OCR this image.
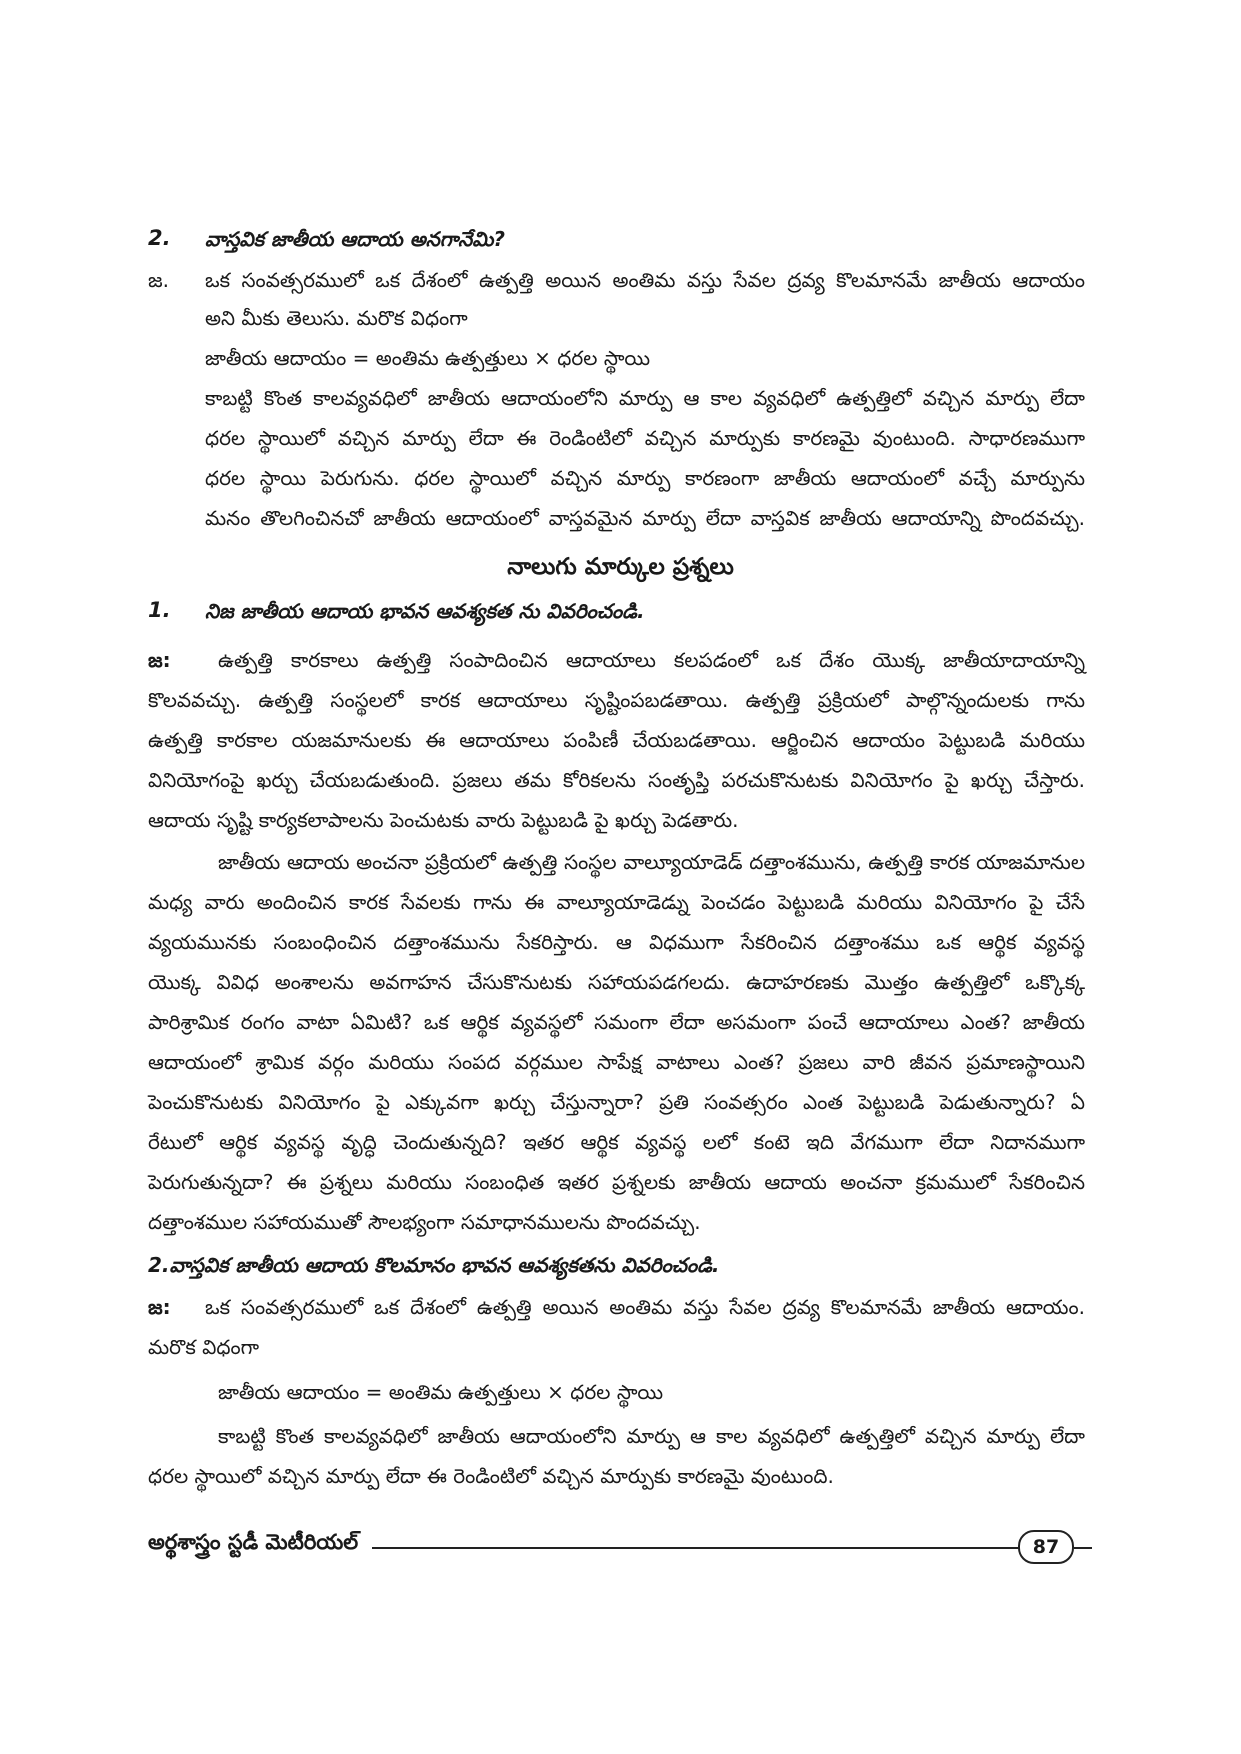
2. వాస్తవిక జాతీయ ఆదాయ అనగానేమి?
జ. ఒక సంవత్సరములో ఒక దేశంలో ఉత్పత్తి అయిన అంతిమ వస్తు సేవల ద్రవ్య కొలమానమే జాతీయ ఆదాయం
అని మీకు తెలుసు. మరొక విధంగా
జాతీయ ఆదాయం = అంతిమ ఉత్పత్తులు × ధరల స్థాయి
కాబట్టి కొంత కాలవ్యవధిలో జాతీయ ఆదాయంలోని మార్పు ఆ కాల వ్యవధిలో ఉత్పత్తిలో వచ్చిన మార్పు లేదా
ధరల స్థాయిలో వచ్చిన మార్పు లేదా ఈ రెండింటిలో వచ్చిన మార్పుకు కారణమై వుంటుంది. సాధారణముగా
ధరల స్థాయి పెరుగును. ధరల స్థాయిలో వచ్చిన మార్పు కారణంగా జాతీయ ఆదాయంలో వచ్చే మార్పును
మనం తొలగించినచో జాతీయ ఆదాయంలో వాస్తవమైన మార్పు లేదా వాస్తవిక జాతీయ ఆదాయాన్ని పొందవచ్చు.
నాలుగు మార్కుల ప్రశ్నలు
1. నిజ జాతీయ ఆదాయ భావన ఆవశ్యకత ను వివరించండి.
జ: ఉత్పత్తి కారకాలు ఉత్పత్తి సంపాదించిన ఆదాయాలు కలపడంలో ఒక దేశం యొక్క జాతీయాదాయాన్ని
కొలవవచ్చు. ఉత్పత్తి సంస్థలలో కారక ఆదాయాలు సృష్టింపబడతాయి. ఉత్పత్తి ప్రక్రియలో పాల్గొన్నందులకు గాను
ఉత్పత్తి కారకాల యజమానులకు ఈ ఆదాయాలు పంపిణీ చేయబడతాయి. ఆర్జించిన ఆదాయం పెట్టుబడి మరియు
వినియోగంపై ఖర్చు చేయబడుతుంది. ప్రజలు తమ కోరికలను సంతృప్తి పరచుకొనుటకు వినియోగం పై ఖర్చు చేస్తారు.
ఆదాయ సృష్టి కార్యకలాపాలను పెంచుటకు వారు పెట్టుబడి పై ఖర్చు పెడతారు.
జాతీయ ఆదాయ అంచనా ప్రక్రియలో ఉత్పత్తి సంస్థల వాల్యూయాడెడ్ దత్తాంశమును, ఉత్పత్తి కారక యాజమానుల
మధ్య వారు అందించిన కారక సేవలకు గాను ఈ వాల్యూయాడెడ్ను పెంచడం పెట్టుబడి మరియు వినియోగం పై చేసే
వ్యయమునకు సంబంధించిన దత్తాంశమును సేకరిస్తారు. ఆ విధముగా సేకరించిన దత్తాంశము ఒక ఆర్థిక వ్యవస్థ
యొక్క వివిధ అంశాలను అవగాహన చేసుకొనుటకు సహాయపడగలదు. ఉదాహరణకు మొత్తం ఉత్పత్తిలో ఒక్కొక్క
పారిశ్రామిక రంగం వాటా ఏమిటి? ఒక ఆర్థిక వ్యవస్థలో సమంగా లేదా అసమంగా పంచే ఆదాయాలు ఎంత? జాతీయ
ఆదాయంలో శ్రామిక వర్గం మరియు సంపద వర్గముల సాపేక్ష వాటాలు ఎంత? ప్రజలు వారి జీవన ప్రమాణస్థాయిని
పెంచుకొనుటకు వినియోగం పై ఎక్కువగా ఖర్చు చేస్తున్నారా? ప్రతి సంవత్సరం ఎంత పెట్టుబడి పెడుతున్నారు? ఏ
రేటులో ఆర్థిక వ్యవస్థ వృద్ధి చెందుతున్నది? ఇతర ఆర్థిక వ్యవస్థ లలో కంటె ఇది వేగముగా లేదా నిదానముగా
పెరుగుతున్నదా? ఈ ప్రశ్నలు మరియు సంబంధిత ఇతర ప్రశ్నలకు జాతీయ ఆదాయ అంచనా క్రమములో సేకరించిన
దత్తాంశముల సహాయముతో సౌలభ్యంగా సమాధానములను పొందవచ్చు.
2.వాస్తవిక జాతీయ ఆదాయ కొలమానం భావన ఆవశ్యకతను వివరించండి.
జ: ఒక సంవత్సరములో ఒక దేశంలో ఉత్పత్తి అయిన అంతిమ వస్తు సేవల ద్రవ్య కొలమానమే జాతీయ ఆదాయం.
మరొక విధంగా
జాతీయ ఆదాయం = అంతిమ ఉత్పత్తులు × ధరల స్థాయి
కాబట్టి కొంత కాలవ్యవధిలో జాతీయ ఆదాయంలోని మార్పు ఆ కాల వ్యవధిలో ఉత్పత్తిలో వచ్చిన మార్పు లేదా
ధరల స్థాయిలో వచ్చిన మార్పు లేదా ఈ రెండింటిలో వచ్చిన మార్పుకు కారణమై వుంటుంది.
అర్థశాస్త్రం స్టడీ మెటీరియల్	87
